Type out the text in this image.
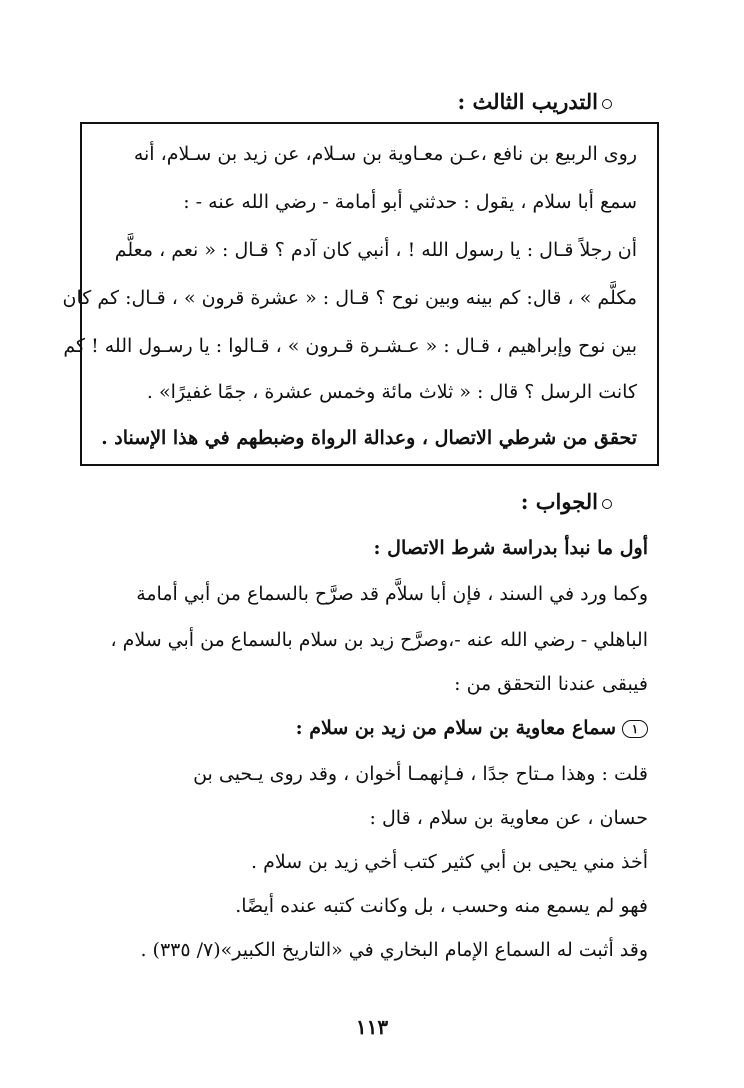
التدريب الثالث :
روى الربيع بن نافع ،عـن معـاوية بن سـلام، عن زيد بن سـلام، أنه
سمع أبا سلام ، يقول : حدثني أبو أمامة - رضي الله عنه - :
أن رجلاً قـال : يا رسول الله ! ، أنبي كان آدم ؟ قـال : « نعم ، معلَّم
مكلَّم » ، قال: كم بينه وبين نوح ؟ قـال : « عشرة قرون » ، قـال: كم كان
بين نوح وإبراهيم ، قـال : « عـشـرة قـرون » ، قـالوا : يا رسـول الله ! كم
كانت الرسل ؟ قال : « ثلاث مائة وخمس عشرة ، جمًا غفيرًا» .
تحقق من شرطي الاتصال ، وعدالة الرواة وضبطهم في هذا الإسناد .
الجواب :
أول ما نبدأ بدراسة شرط الاتصال :
وكما ورد في السند ، فإن أبا سلاَّم قد صرَّح بالسماع من أبي أمامة
الباهلي - رضي الله عنه -،وصرَّح زيد بن سلام بالسماع من أبي سلام ،
فيبقى عندنا التحقق من :
١سماع معاوية بن سلام من زيد بن سلام :
قلت : وهذا مـتاح جدًا ، فـإنهمـا أخوان ، وقد روى يـحيى بن
حسان ، عن معاوية بن سلام ، قال :
أخذ مني يحيى بن أبي كثير كتب أخي زيد بن سلام .
فهو لم يسمع منه وحسب ، بل وكانت كتبه عنده أيضًا.
وقد أثبت له السماع الإمام البخاري في «التاريخ الكبير»(٧/ ٣٣٥) .
١١٣
